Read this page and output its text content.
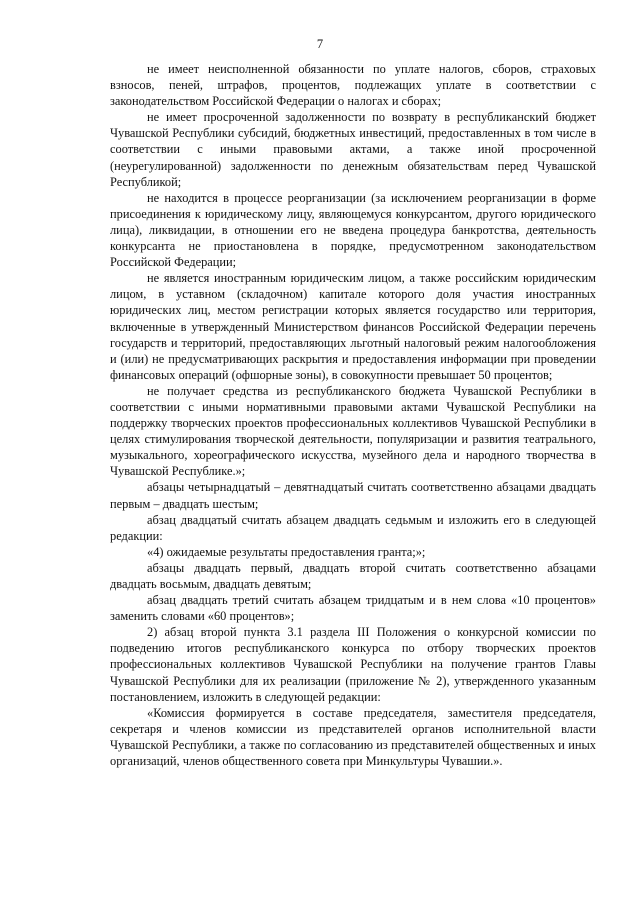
7

не имеет неисполненной обязанности по уплате налогов, сборов, страховых взносов, пеней, штрафов, процентов, подлежащих уплате в соответствии с законодательством Российской Федерации о налогах и сборах;

не имеет просроченной задолженности по возврату в республиканский бюджет Чувашской Республики субсидий, бюджетных инвестиций, предоставленных в том числе в соответствии с иными правовыми актами, а также иной просроченной (неурегулированной) задолженности по денежным обязательствам перед Чувашской Республикой;

не находится в процессе реорганизации (за исключением реорганизации в форме присоединения к юридическому лицу, являющемуся конкурсантом, другого юридического лица), ликвидации, в отношении его не введена процедура банкротства, деятельность конкурсанта не приостановлена в порядке, предусмотренном законодательством Российской Федерации;

не является иностранным юридическим лицом, а также российским юридическим лицом, в уставном (складочном) капитале которого доля участия иностранных юридических лиц, местом регистрации которых является государство или территория, включенные в утвержденный Министерством финансов Российской Федерации перечень государств и территорий, предоставляющих льготный налоговый режим налогообложения и (или) не предусматривающих раскрытия и предоставления информации при проведении финансовых операций (офшорные зоны), в совокупности превышает 50 процентов;

не получает средства из республиканского бюджета Чувашской Республики в соответствии с иными нормативными правовыми актами Чувашской Республики на поддержку творческих проектов профессиональных коллективов Чувашской Республики в целях стимулирования творческой деятельности, популяризации и развития театрального, музыкального, хореографического искусства, музейного дела и народного творчества в Чувашской Республике.»;

абзацы четырнадцатый – девятнадцатый считать соответственно абзацами двадцать первым – двадцать шестым;

абзац двадцатый считать абзацем двадцать седьмым и изложить его в следующей редакции:

«4) ожидаемые результаты предоставления гранта;»;

абзацы двадцать первый, двадцать второй считать соответственно абзацами двадцать восьмым, двадцать девятым;

абзац двадцать третий считать абзацем тридцатым и в нем слова «10 процентов» заменить словами «60 процентов»;

2) абзац второй пункта 3.1 раздела III Положения о конкурсной комиссии по подведению итогов республиканского конкурса по отбору творческих проектов профессиональных коллективов Чувашской Республики на получение грантов Главы Чувашской Республики для их реализации (приложение № 2), утвержденного указанным постановлением, изложить в следующей редакции:

«Комиссия формируется в составе председателя, заместителя председателя, секретаря и членов комиссии из представителей органов исполнительной власти Чувашской Республики, а также по согласованию из представителей общественных и иных организаций, членов общественного совета при Минкультуры Чувашии.».
